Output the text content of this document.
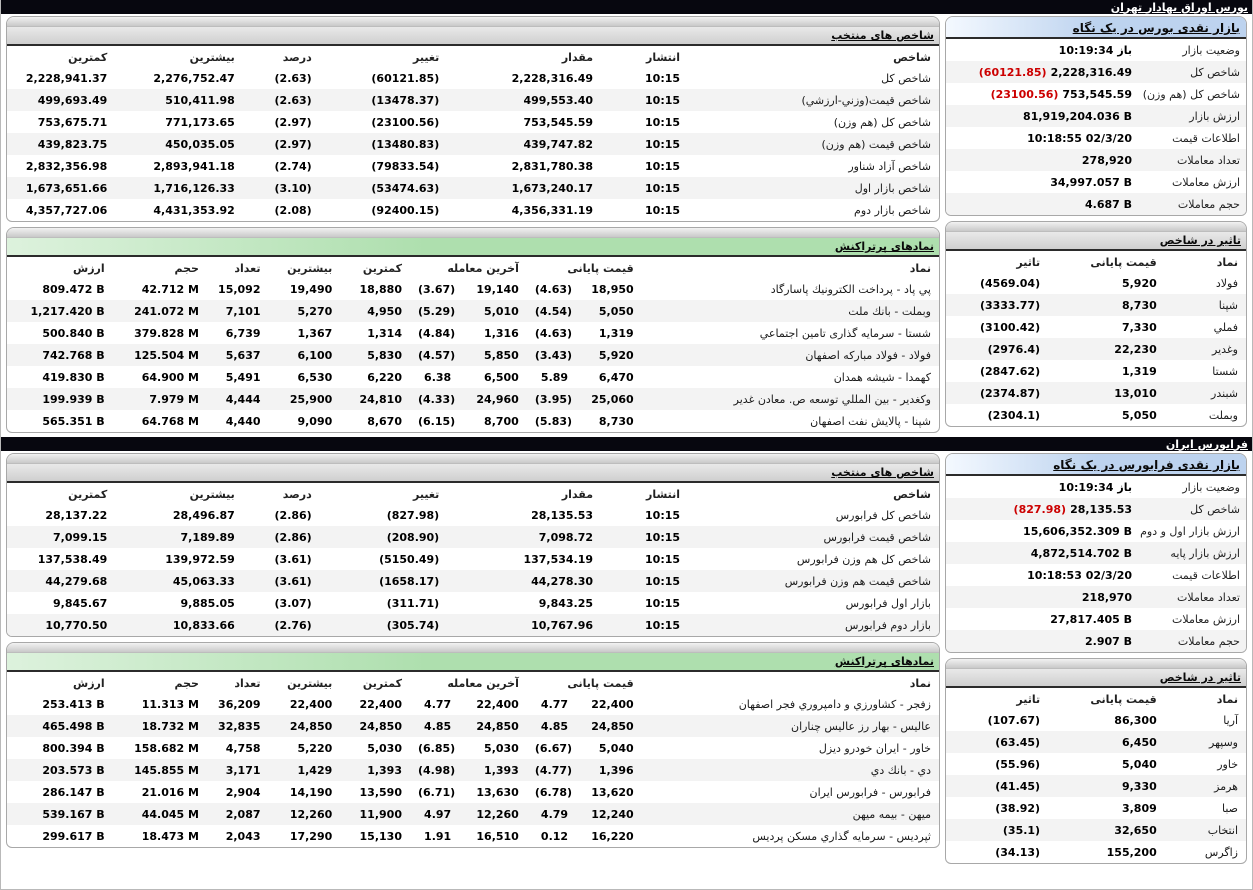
بورس اوراق بهادار تهران
بازار نقدی بورس در یک نگاه
وضعیت بازار
10:19:34 باز
شاخص کل
(60121.85) 2,228,316.49
شاخص کل (هم وزن)
(23100.56) 753,545.59
ارزش بازار
81,919,204.036 B
اطلاعات قیمت
10:18:55 02/3/20
تعداد معاملات
278,920
ارزش معاملات
34,997.057 B
حجم معاملات
4.687 B
تاثیر در شاخص
نماد	قیمت پایانی	تاثیر
فولاد	5,920	(4569.04)
شپنا	8,730	(3333.77)
فملي	7,330	(3100.42)
وغدیر	22,230	(2976.4)
شستا	1,319	(2847.62)
شبندر	13,010	(2374.87)
وبملت	5,050	(2304.1)
شاخص های منتخب
شاخص	انتشار	مقدار	تغییر	درصد	بیشترین	کمترین
شاخص کل	10:15	2,228,316.49	(60121.85)	(2.63)	2,276,752.47	2,228,941.37
شاخص قیمت(وزني-ارزشي)	10:15	499,553.40	(13478.37)	(2.63)	510,411.98	499,693.49
شاخص کل (هم وزن)	10:15	753,545.59	(23100.56)	(2.97)	771,173.65	753,675.71
شاخص قیمت (هم وزن)	10:15	439,747.82	(13480.83)	(2.97)	450,035.05	439,823.75
شاخص آزاد شناور	10:15	2,831,780.38	(79833.54)	(2.74)	2,893,941.18	2,832,356.98
شاخص بازار اول	10:15	1,673,240.17	(53474.63)	(3.10)	1,716,126.33	1,673,651.66
شاخص بازار دوم	10:15	4,356,331.19	(92400.15)	(2.08)	4,431,353.92	4,357,727.06
نمادهای پرتراکنش
نماد	قیمت پایانی		آخرین معامله		کمترین	بیشترین	تعداد	حجم	ارزش
پي پاد - پرداخت الكترونيك پاسارگاد	18,950	(4.63)	19,140	(3.67)	18,880	19,490	15,092	42.712 M	809.472 B
وبملت - بانك ملت	5,050	(4.54)	5,010	(5.29)	4,950	5,270	7,101	241.072 M	1,217.420 B
شستا - سرمایه گذاری تامین اجتماعي	1,319	(4.63)	1,316	(4.84)	1,314	1,367	6,739	379.828 M	500.840 B
فولاد - فولاد مباركه اصفهان	5,920	(3.43)	5,850	(4.57)	5,830	6,100	5,637	125.504 M	742.768 B
كهمدا - شیشه همدان	6,470	5.89	6,500	6.38	6,220	6,530	5,491	64.900 M	419.830 B
وكغدير - بين المللي توسعه ص. معادن غدير	25,060	(3.95)	24,960	(4.33)	24,810	25,900	4,444	7.979 M	199.939 B
شپنا - پالایش نفت اصفهان	8,730	(5.83)	8,700	(6.15)	8,670	9,090	4,440	64.768 M	565.351 B
فرابورس ایران
بازار نقدی فرابورس در یک نگاه
وضعیت بازار
10:19:34 باز
شاخص کل
(827.98) 28,135.53
ارزش بازار اول و دوم
15,606,352.309 B
ارزش بازار پایه
4,872,514.702 B
اطلاعات قیمت
10:18:53 02/3/20
تعداد معاملات
218,970
ارزش معاملات
27,817.405 B
حجم معاملات
2.907 B
تاثیر در شاخص
نماد	قیمت پایانی	تاثیر
آریا	86,300	(107.67)
وسپهر	6,450	(63.45)
خاور	5,040	(55.96)
هرمز	9,330	(41.45)
صبا	3,809	(38.92)
انتخاب	32,650	(35.1)
زاگرس	155,200	(34.13)
شاخص های منتخب
شاخص	انتشار	مقدار	تغییر	درصد	بیشترین	کمترین
شاخص کل فرابورس	10:15	28,135.53	(827.98)	(2.86)	28,496.87	28,137.22
شاخص قیمت فرابورس	10:15	7,098.72	(208.90)	(2.86)	7,189.89	7,099.15
شاخص کل هم وزن فرابورس	10:15	137,534.19	(5150.49)	(3.61)	139,972.59	137,538.49
شاخص قیمت هم وزن فرابورس	10:15	44,278.30	(1658.17)	(3.61)	45,063.33	44,279.68
بازار اول فرابورس	10:15	9,843.25	(311.71)	(3.07)	9,885.05	9,845.67
بازار دوم فرابورس	10:15	10,767.96	(305.74)	(2.76)	10,833.66	10,770.50
نمادهای پرتراکنش
نماد	قیمت پایانی		آخرین معامله		کمترین	بیشترین	تعداد	حجم	ارزش
زفجر - كشاورزي و دامپروري فجر اصفهان	22,400	4.77	22,400	4.77	22,400	22,400	36,209	11.313 M	253.413 B
عالیس - بهار رز عالیس چناران	24,850	4.85	24,850	4.85	24,850	24,850	32,835	18.732 M	465.498 B
خاور - ایران خودرو دیزل	5,040	(6.67)	5,030	(6.85)	5,030	5,220	4,758	158.682 M	800.394 B
دي - بانك دي	1,396	(4.77)	1,393	(4.98)	1,393	1,429	3,171	145.855 M	203.573 B
فرابورس - فرابورس ایران	13,620	(6.78)	13,630	(6.71)	13,590	14,190	2,904	21.016 M	286.147 B
میهن - بیمه میهن	12,240	4.79	12,260	4.97	11,900	12,260	2,087	44.045 M	539.167 B
ثپردیس - سرمایه گذاري مسكن پردیس	16,220	0.12	16,510	1.91	15,130	17,290	2,043	18.473 M	299.617 B
